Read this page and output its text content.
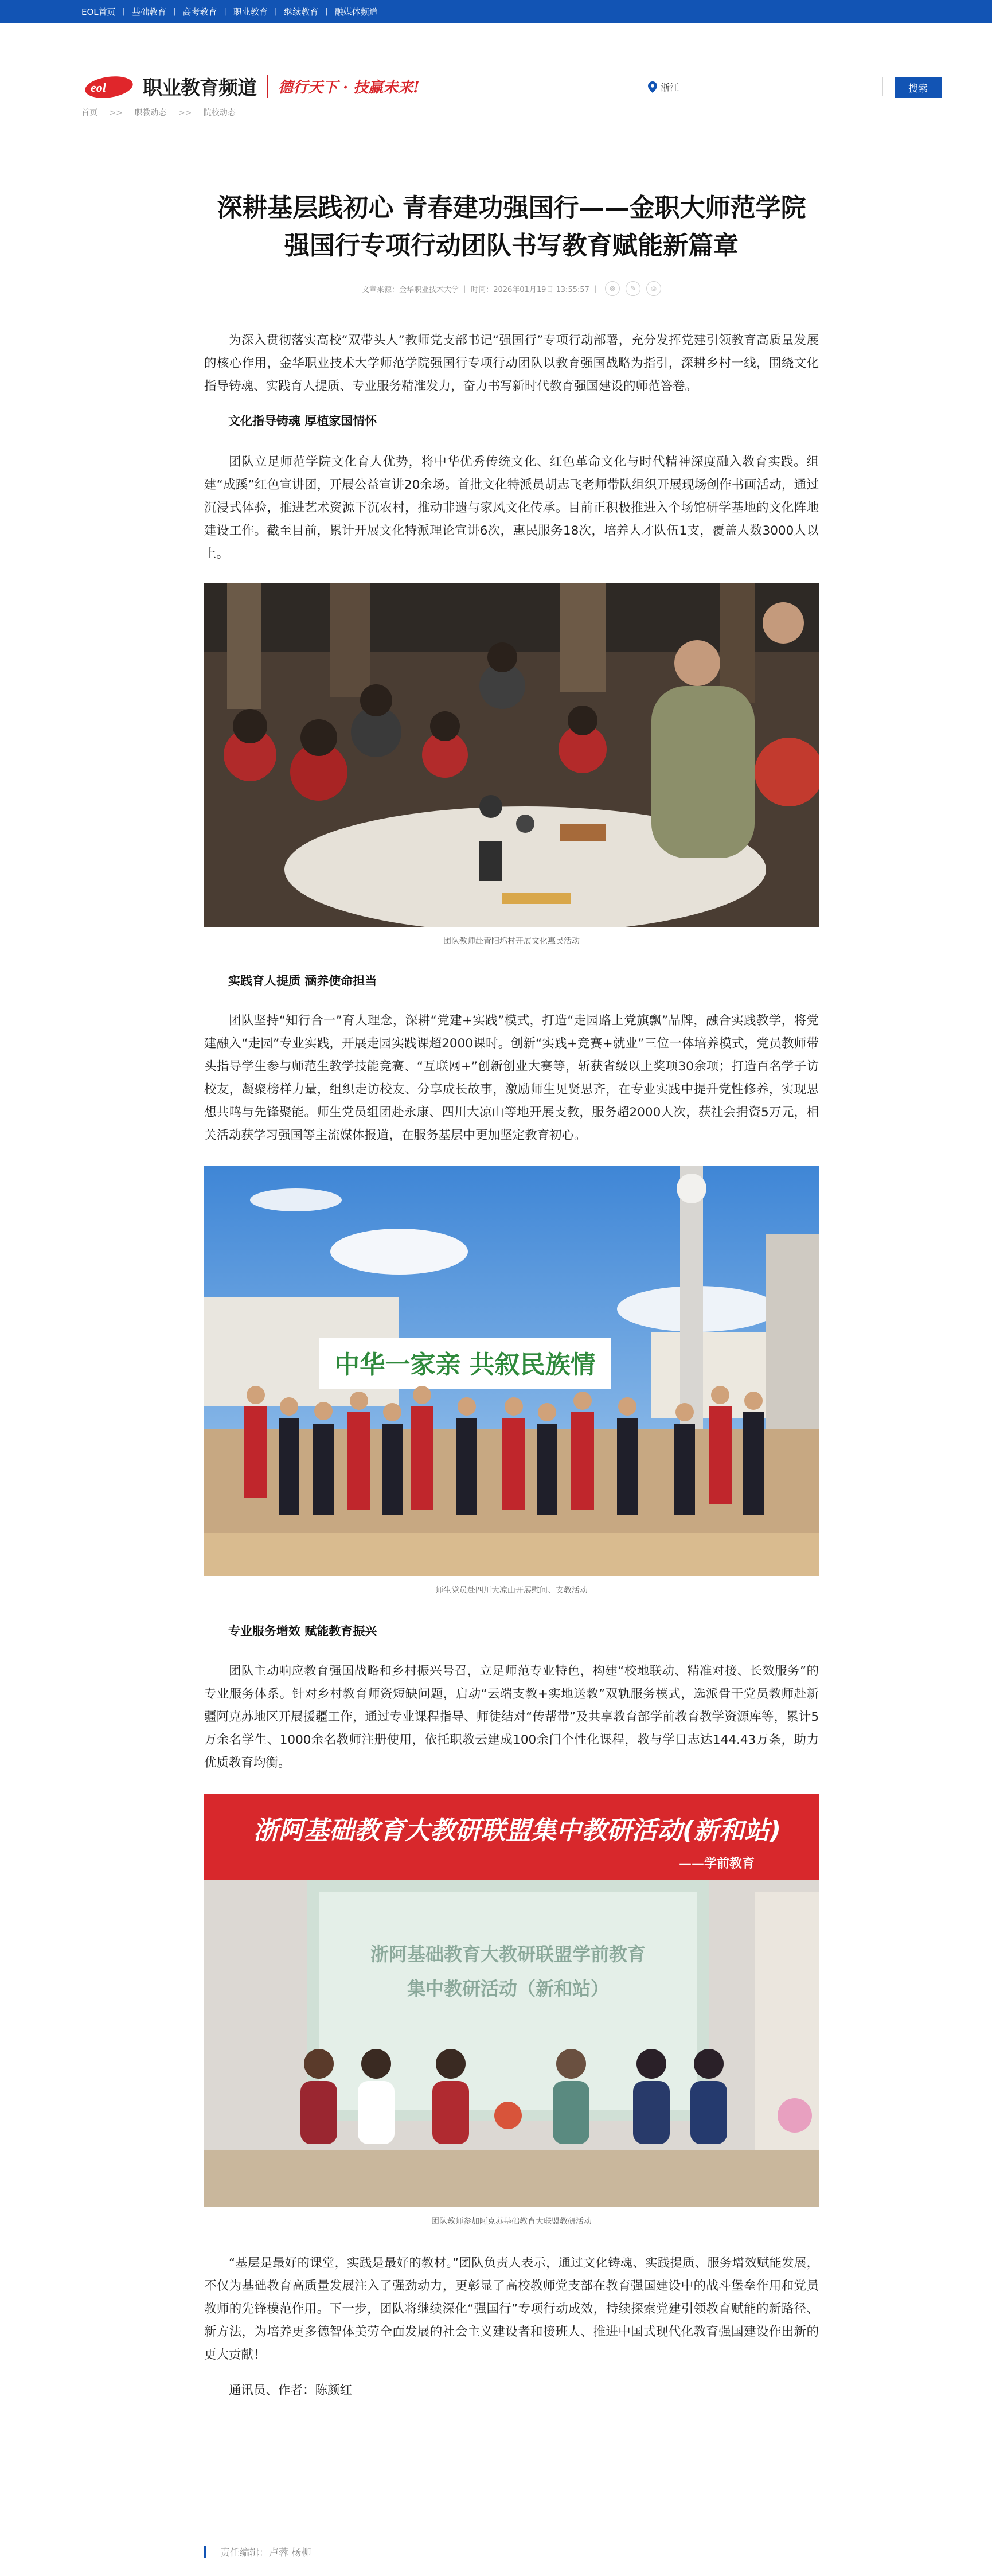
EOL首页 | 基础教育 | 高考教育 | 职业教育 | 继续教育 | 融媒体频道
eol 职业教育频道 德行天下 · 技赢未来!	浙江	搜索
首页 >> 职教动态 >> 院校动态
深耕基层践初心 青春建功强国行——金职大师范学院
强国行专项行动团队书写教育赋能新篇章
文章来源：金华职业技术大学 ｜ 时间：2026年01月19日 13:55:57 ｜	◎	✎	⎙

为深入贯彻落实高校“双带头人”教师党支部书记“强国行”专项行动部署，充分发挥党建引领教育高质量发展的核心作用，金华职业技术大学师范学院强国行专项行动团队以教育强国战略为指引，深耕乡村一线，围绕文化指导铸魂、实践育人提质、专业服务精准发力，奋力书写新时代教育强国建设的师范答卷。

文化指导铸魂 厚植家国情怀

团队立足师范学院文化育人优势，将中华优秀传统文化、红色革命文化与时代精神深度融入教育实践。组建“成蹊”红色宣讲团，开展公益宣讲20余场。首批文化特派员胡志飞老师带队组织开展现场创作书画活动，通过沉浸式体验，推进艺术资源下沉农村，推动非遗与家风文化传承。目前正积极推进入个场馆研学基地的文化阵地建设工作。截至目前，累计开展文化特派理论宣讲6次，惠民服务18次，培养人才队伍1支，覆盖人数3000人以上。

团队教师赴青阳坞村开展文化惠民活动

实践育人提质 涵养使命担当

团队坚持“知行合一”育人理念，深耕“党建+实践”模式，打造“走园路上党旗飘”品牌，融合实践教学，将党建融入“走园”专业实践，开展走园实践课超2000课时。创新“实践+竞赛+就业”三位一体培养模式，党员教师带头指导学生参与师范生教学技能竞赛、“互联网+”创新创业大赛等，斩获省级以上奖项30余项；打造百名学子访校友，凝聚榜样力量，组织走访校友、分享成长故事，激励师生见贤思齐，在专业实践中提升党性修养，实现思想共鸣与先锋聚能。师生党员组团赴永康、四川大凉山等地开展支教，服务超2000人次，获社会捐资5万元，相关活动获学习强国等主流媒体报道，在服务基层中更加坚定教育初心。

中华一家亲 共叙民族情
师生党员赴四川大凉山开展慰问、支教活动

专业服务增效 赋能教育振兴

团队主动响应教育强国战略和乡村振兴号召，立足师范专业特色，构建“校地联动、精准对接、长效服务”的专业服务体系。针对乡村教育师资短缺问题，启动“云端支教+实地送教”双轨服务模式，选派骨干党员教师赴新疆阿克苏地区开展援疆工作，通过专业课程指导、师徒结对“传帮带”及共享教育部学前教育教学资源库等，累计5万余名学生、1000余名教师注册使用，依托职教云建成100余门个性化课程，教与学日志达144.43万条，助力优质教育均衡。

浙阿基础教育大教研联盟集中教研活动(新和站)
——学前教育
浙阿基础教育大教研联盟学前教育
集中教研活动（新和站）
团队教师参加阿克苏基础教育大联盟教研活动

“基层是最好的课堂，实践是最好的教材。”团队负责人表示，通过文化铸魂、实践提质、服务增效赋能发展，不仅为基础教育高质量发展注入了强劲动力，更彰显了高校教师党支部在教育强国建设中的战斗堡垒作用和党员教师的先锋模范作用。下一步，团队将继续深化“强国行”专项行动成效，持续探索党建引领教育赋能的新路径、新方法，为培养更多德智体美劳全面发展的社会主义建设者和接班人、推进中国式现代化教育强国建设作出新的更大贡献！

通讯员、作者：陈颜红

责任编辑：卢蓉 杨柳
